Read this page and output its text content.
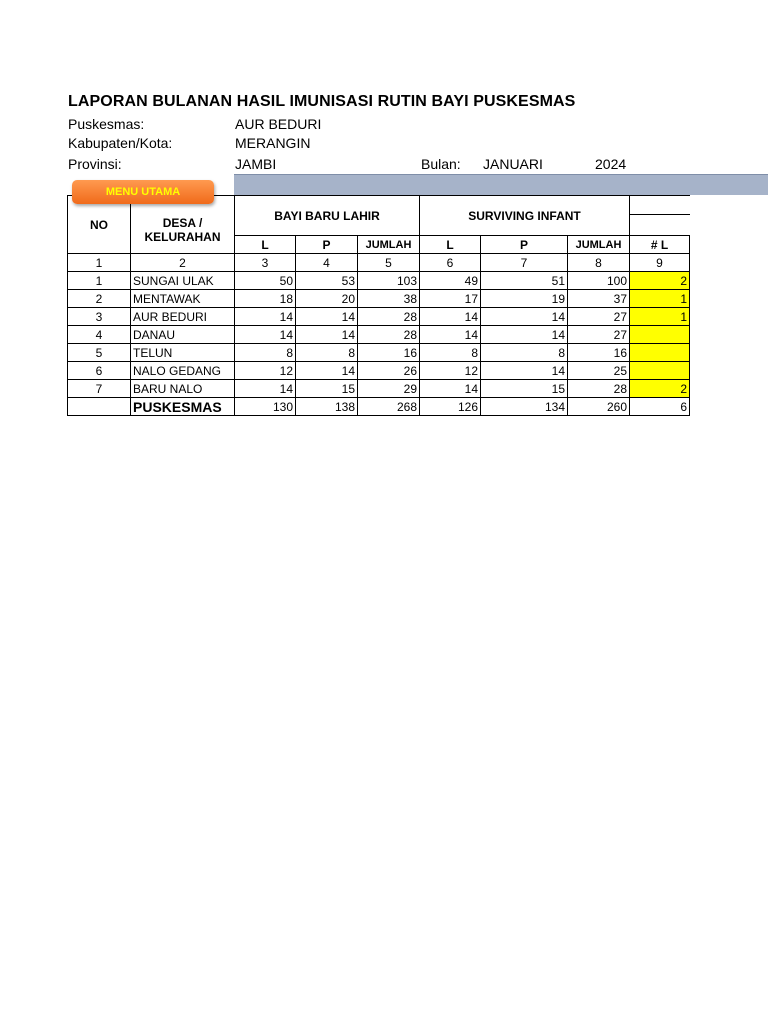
LAPORAN BULANAN HASIL IMUNISASI RUTIN BAYI PUSKESMAS
Puskesmas:	AUR BEDURI
Kabupaten/Kota:	MERANGIN
Provinsi:	JAMBI	Bulan: JANUARI	2024
NO	DESA / KELURAHAN	BAYI BARU LAHIR			SURVIVING INFANT			

		L	P	JUMLAH	L	P	JUMLAH	# L
1	2	3	4	5	6	7	8	9
1	SUNGAI ULAK	50	53	103	49	51	100	2
2	MENTAWAK	18	20	38	17	19	37	1
3	AUR BEDURI	14	14	28	14	14	27	1
4	DANAU	14	14	28	14	14	27	
5	TELUN	8	8	16	8	8	16	
6	NALO GEDANG	12	14	26	12	14	25	
7	BARU NALO	14	15	29	14	15	28	2
	PUSKESMAS	130	138	268	126	134	260	6
MENU UTAMA
